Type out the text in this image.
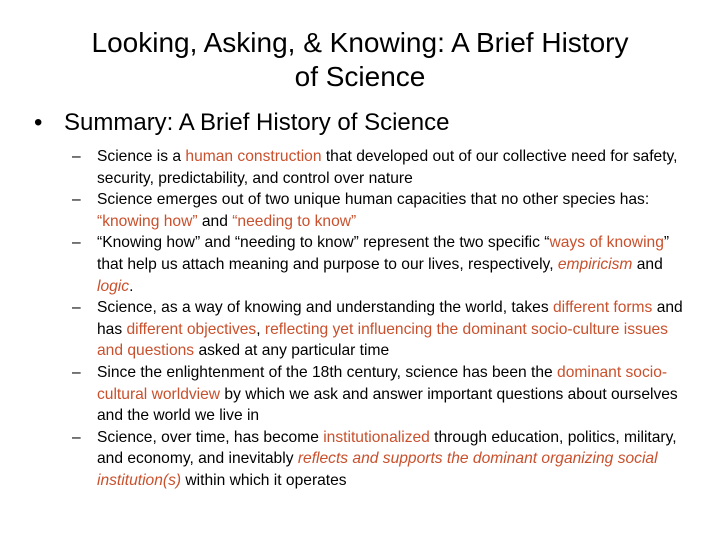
Looking, Asking, & Knowing: A Brief History
of Science
• Summary: A Brief History of Science
– Science is a human construction that developed out of our collective need for safety, security, predictability, and control over nature
– Science emerges out of two unique human capacities that no other species has: “knowing how” and “needing to know”
– “Knowing how” and “needing to know” represent the two specific “ways of knowing” that help us attach meaning and purpose to our lives, respectively, empiricism and logic.
– Science, as a way of knowing and understanding the world, takes different forms and has different objectives, reflecting yet influencing the dominant socio-culture issues and questions asked at any particular time
– Since the enlightenment of the 18th century, science has been the dominant socio-cultural worldview by which we ask and answer important questions about ourselves and the world we live in
– Science, over time, has become institutionalized through education, politics, military, and economy, and inevitably reflects and supports the dominant organizing social institution(s) within which it operates
